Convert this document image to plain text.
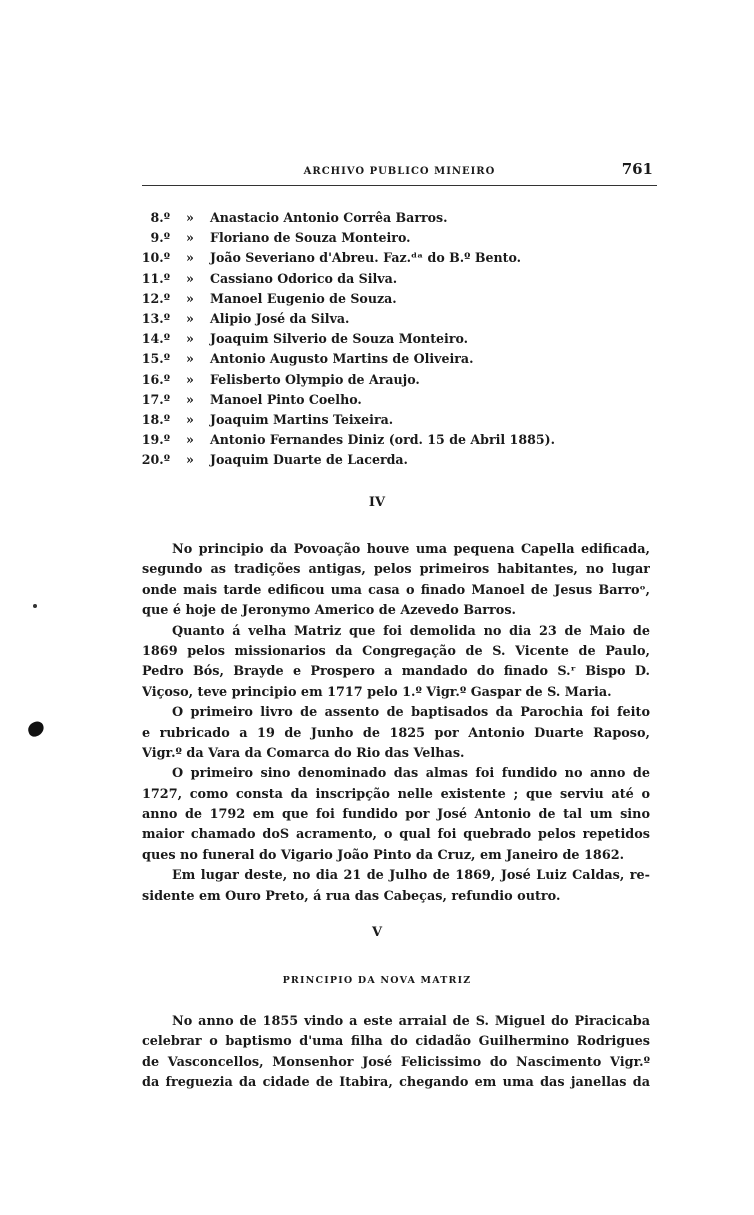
ARCHIVO PUBLICO MINEIRO	761
8.º » Anastacio Antonio Corrêa Barros.
9.º » Floriano de Souza Monteiro.
10.º » João Severiano d'Abreu. Faz.ᵈᵃ do B.º Bento.
11.º » Cassiano Odorico da Silva.
12.º » Manoel Eugenio de Souza.
13.º » Alipio José da Silva.
14.º » Joaquim Silverio de Souza Monteiro.
15.º » Antonio Augusto Martins de Oliveira.
16.º » Felisberto Olympio de Araujo.
17.º » Manoel Pinto Coelho.
18.º » Joaquim Martins Teixeira.
19.º » Antonio Fernandes Diniz (ord. 15 de Abril 1885).
20.º » Joaquim Duarte de Lacerda.
IV
No principio da Povoação houve uma pequena Capella edificada,
segundo as tradições antigas, pelos primeiros habitantes, no lugar
onde mais tarde edificou uma casa o finado Manoel de Jesus Barroᵒ,
que é hoje de Jeronymo Americo de Azevedo Barros.
Quanto á velha Matriz que foi demolida no dia 23 de Maio de
1869 pelos missionarios da Congregação de S. Vicente de Paulo,
Pedro Bós, Brayde e Prospero a mandado do finado S.ʳ Bispo D.
Viçoso, teve principio em 1717 pelo 1.º Vigr.º Gaspar de S. Maria.
O primeiro livro de assento de baptisados da Parochia foi feito
e rubricado a 19 de Junho de 1825 por Antonio Duarte Raposo,
Vigr.º da Vara da Comarca do Rio das Velhas.
O primeiro sino denominado das almas foi fundido no anno de
1727, como consta da inscripção nelle existente ; que serviu até o
anno de 1792 em que foi fundido por José Antonio de tal um sino
maior chamado doS acramento, o qual foi quebrado pelos repetidos
ques no funeral do Vigario João Pinto da Cruz, em Janeiro de 1862.
Em lugar deste, no dia 21 de Julho de 1869, José Luiz Caldas, re-
sidente em Ouro Preto, á rua das Cabeças, refundio outro.
V
PRINCIPIO DA NOVA MATRIZ
No anno de 1855 vindo a este arraial de S. Miguel do Piracicaba
celebrar o baptismo d'uma filha do cidadão Guilhermino Rodrigues
de Vasconcellos, Monsenhor José Felicissimo do Nascimento Vigr.º
da freguezia da cidade de Itabira, chegando em uma das janellas da
